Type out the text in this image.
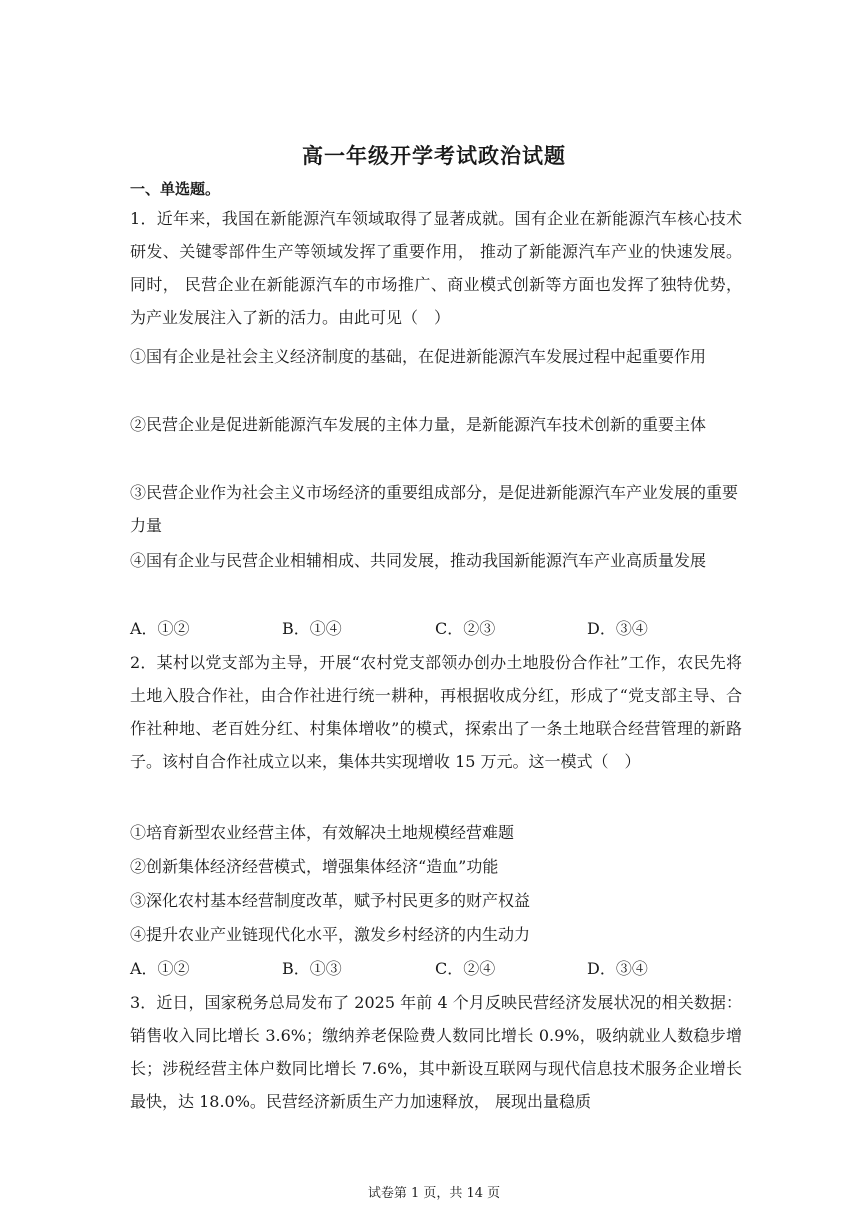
高一年级开学考试政治试题
一、单选题。
1．近年来，我国在新能源汽车领域取得了显著成就。国有企业在新能源汽车核心技术研发、关键零部件生产等领域发挥了重要作用， 推动了新能源汽车产业的快速发展。同时， 民营企业在新能源汽车的市场推广、商业模式创新等方面也发挥了独特优势，为产业发展注入了新的活力。由此可见（　）
①国有企业是社会主义经济制度的基础，在促进新能源汽车发展过程中起重要作用
②民营企业是促进新能源汽车发展的主体力量，是新能源汽车技术创新的重要主体
③民营企业作为社会主义市场经济的重要组成部分，是促进新能源汽车产业发展的重要力量
④国有企业与民营企业相辅相成、共同发展，推动我国新能源汽车产业高质量发展
A．①②	B．①④	C．②③	D．③④
2．某村以党支部为主导，开展“农村党支部领办创办土地股份合作社”工作，农民先将土地入股合作社，由合作社进行统一耕种，再根据收成分红，形成了“党支部主导、合作社种地、老百姓分红、村集体增收”的模式，探索出了一条土地联合经营管理的新路子。该村自合作社成立以来，集体共实现增收 15 万元。这一模式（　）
①培育新型农业经营主体，有效解决土地规模经营难题
②创新集体经济经营模式，增强集体经济“造血”功能
③深化农村基本经营制度改革，赋予村民更多的财产权益
④提升农业产业链现代化水平，激发乡村经济的内生动力
A．①②	B．①③	C．②④	D．③④
3．近日，国家税务总局发布了 2025 年前 4 个月反映民营经济发展状况的相关数据：销售收入同比增长 3.6%；缴纳养老保险费人数同比增长 0.9%，吸纳就业人数稳步增长；涉税经营主体户数同比增长 7.6%，其中新设互联网与现代信息技术服务企业增长最快，达 18.0%。民营经济新质生产力加速释放， 展现出量稳质
试卷第 1 页，共 14 页
